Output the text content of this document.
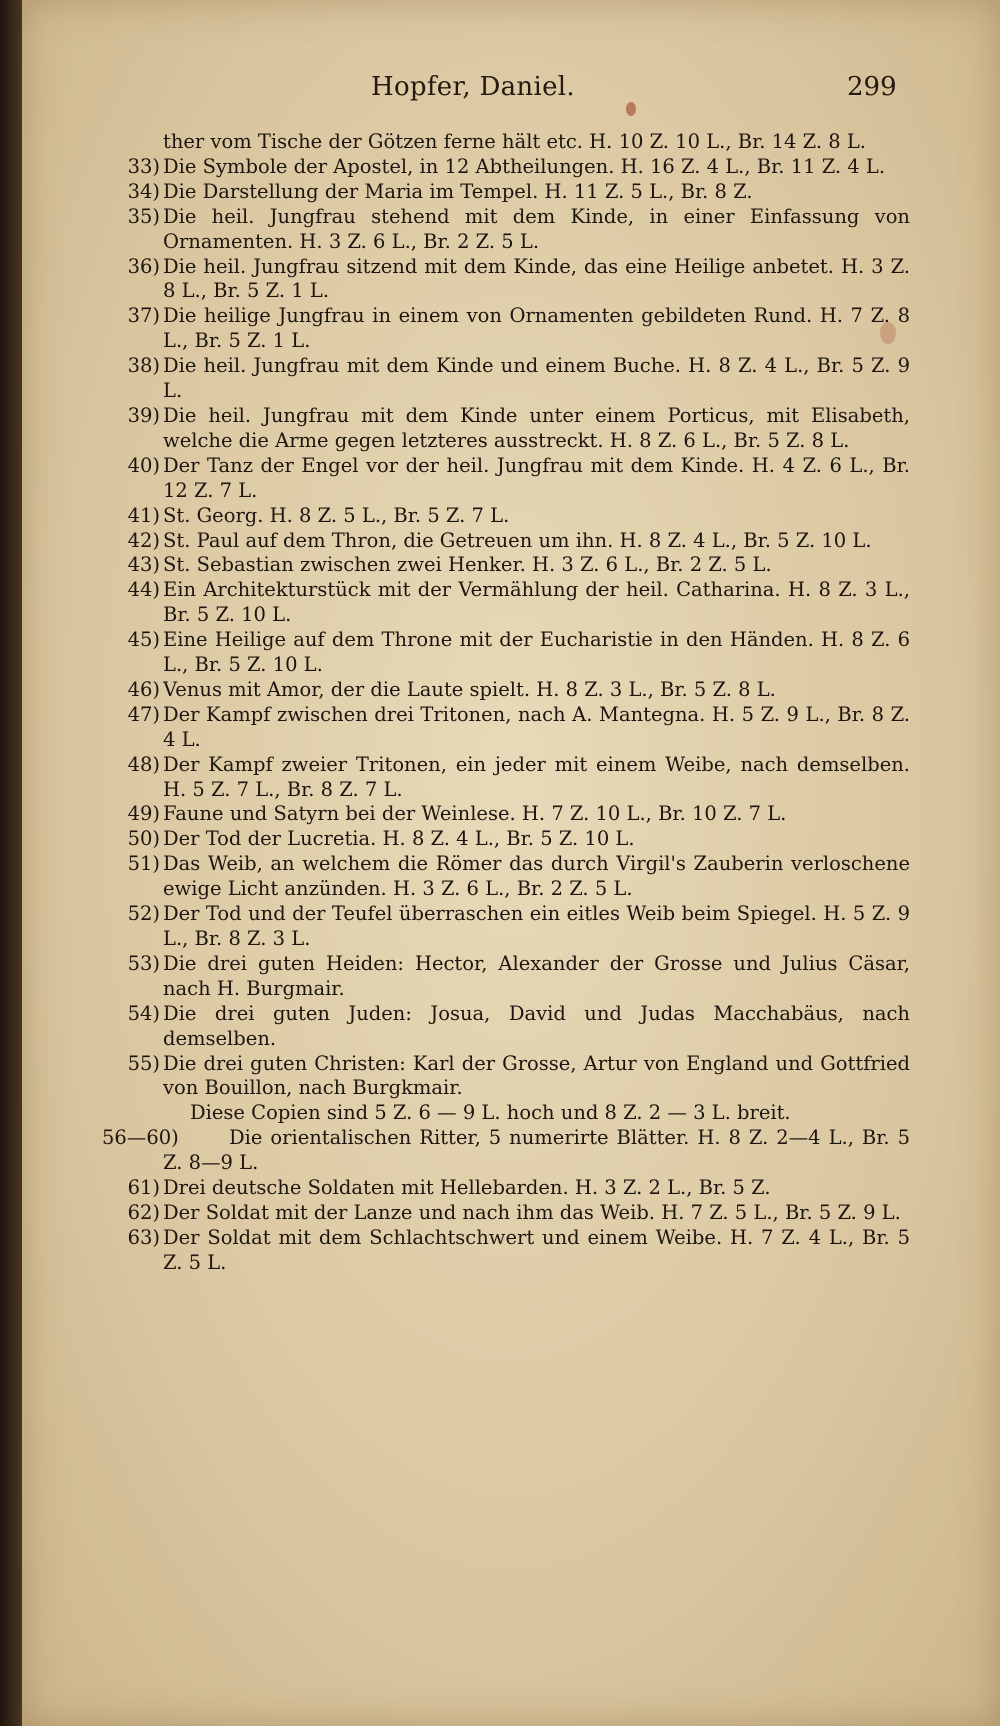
Hopfer, Daniel.	299
ther vom Tische der Götzen ferne hält etc. H. 10 Z. 10 L., Br. 14 Z. 8 L.
33) Die Symbole der Apostel, in 12 Abtheilungen. H. 16 Z. 4 L., Br. 11 Z. 4 L.
34) Die Darstellung der Maria im Tempel. H. 11 Z. 5 L., Br. 8 Z.
35) Die heil. Jungfrau stehend mit dem Kinde, in einer Einfassung von Ornamenten. H. 3 Z. 6 L., Br. 2 Z. 5 L.
36) Die heil. Jungfrau sitzend mit dem Kinde, das eine Heilige anbetet. H. 3 Z. 8 L., Br. 5 Z. 1 L.
37) Die heilige Jungfrau in einem von Ornamenten gebildeten Rund. H. 7 Z. 8 L., Br. 5 Z. 1 L.
38) Die heil. Jungfrau mit dem Kinde und einem Buche. H. 8 Z. 4 L., Br. 5 Z. 9 L.
39) Die heil. Jungfrau mit dem Kinde unter einem Porticus, mit Elisabeth, welche die Arme gegen letzteres ausstreckt. H. 8 Z. 6 L., Br. 5 Z. 8 L.
40) Der Tanz der Engel vor der heil. Jungfrau mit dem Kinde. H. 4 Z. 6 L., Br. 12 Z. 7 L.
41) St. Georg. H. 8 Z. 5 L., Br. 5 Z. 7 L.
42) St. Paul auf dem Thron, die Getreuen um ihn. H. 8 Z. 4 L., Br. 5 Z. 10 L.
43) St. Sebastian zwischen zwei Henker. H. 3 Z. 6 L., Br. 2 Z. 5 L.
44) Ein Architekturstück mit der Vermählung der heil. Catharina. H. 8 Z. 3 L., Br. 5 Z. 10 L.
45) Eine Heilige auf dem Throne mit der Eucharistie in den Händen. H. 8 Z. 6 L., Br. 5 Z. 10 L.
46) Venus mit Amor, der die Laute spielt. H. 8 Z. 3 L., Br. 5 Z. 8 L.
47) Der Kampf zwischen drei Tritonen, nach A. Mantegna. H. 5 Z. 9 L., Br. 8 Z. 4 L.
48) Der Kampf zweier Tritonen, ein jeder mit einem Weibe, nach demselben. H. 5 Z. 7 L., Br. 8 Z. 7 L.
49) Faune und Satyrn bei der Weinlese. H. 7 Z. 10 L., Br. 10 Z. 7 L.
50) Der Tod der Lucretia. H. 8 Z. 4 L., Br. 5 Z. 10 L.
51) Das Weib, an welchem die Römer das durch Virgil's Zauberin verloschene ewige Licht anzünden. H. 3 Z. 6 L., Br. 2 Z. 5 L.
52) Der Tod und der Teufel überraschen ein eitles Weib beim Spiegel. H. 5 Z. 9 L., Br. 8 Z. 3 L.
53) Die drei guten Heiden: Hector, Alexander der Grosse und Julius Cäsar, nach H. Burgmair.
54) Die drei guten Juden: Josua, David und Judas Macchabäus, nach demselben.
55) Die drei guten Christen: Karl der Grosse, Artur von England und Gottfried von Bouillon, nach Burgkmair.
Diese Copien sind 5 Z. 6 — 9 L. hoch und 8 Z. 2 — 3 L. breit.
56—60)	Die orientalischen Ritter, 5 numerirte Blätter. H. 8 Z. 2—4 L., Br. 5 Z. 8—9 L.
61) Drei deutsche Soldaten mit Hellebarden. H. 3 Z. 2 L., Br. 5 Z.
62) Der Soldat mit der Lanze und nach ihm das Weib. H. 7 Z. 5 L., Br. 5 Z. 9 L.
63) Der Soldat mit dem Schlachtschwert und einem Weibe. H. 7 Z. 4 L., Br. 5 Z. 5 L.
